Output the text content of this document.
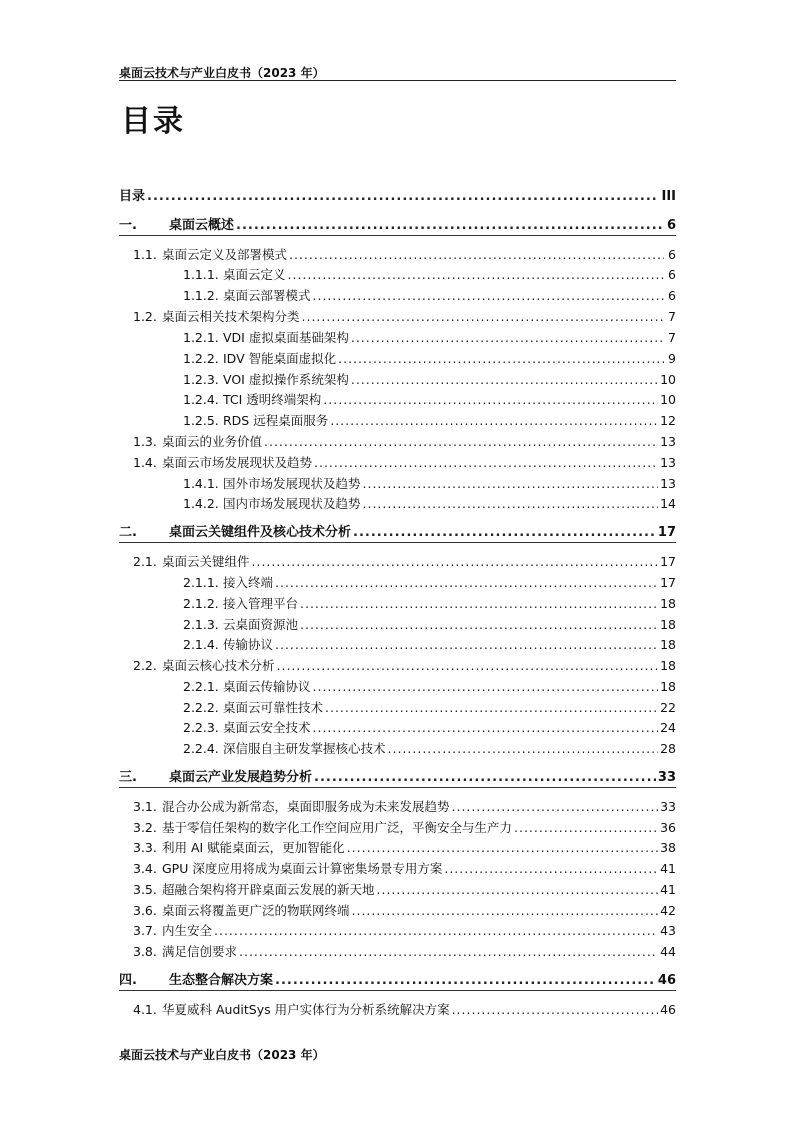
桌面云技术与产业白皮书（2023 年）
目录
目录 .....	III
一.	桌面云概述 .....	6
1.1. 桌面云定义及部署模式 .....	6
1.1.1. 桌面云定义 .....	6
1.1.2. 桌面云部署模式 .....	6
1.2. 桌面云相关技术架构分类 .....	7
1.2.1. VDI 虚拟桌面基础架构 .....	7
1.2.2. IDV 智能桌面虚拟化 .....	9
1.2.3. VOI 虚拟操作系统架构 .....	10
1.2.4. TCI 透明终端架构 .....	10
1.2.5. RDS 远程桌面服务 .....	12
1.3. 桌面云的业务价值 .....	13
1.4. 桌面云市场发展现状及趋势 .....	13
1.4.1. 国外市场发展现状及趋势 .....	13
1.4.2. 国内市场发展现状及趋势 .....	14
二.	桌面云关键组件及核心技术分析 .....	17
2.1. 桌面云关键组件 .....	17
2.1.1. 接入终端 .....	17
2.1.2. 接入管理平台 .....	18
2.1.3. 云桌面资源池 .....	18
2.1.4. 传输协议 .....	18
2.2. 桌面云核心技术分析 .....	18
2.2.1. 桌面云传输协议 .....	18
2.2.2. 桌面云可靠性技术 .....	22
2.2.3. 桌面云安全技术 .....	24
2.2.4. 深信服自主研发掌握核心技术 .....	28
三.	桌面云产业发展趋势分析 .....	33
3.1. 混合办公成为新常态，桌面即服务成为未来发展趋势 .....	33
3.2. 基于零信任架构的数字化工作空间应用广泛，平衡安全与生产力 .....	36
3.3. 利用 AI 赋能桌面云，更加智能化 .....	38
3.4. GPU 深度应用将成为桌面云计算密集场景专用方案 .....	41
3.5. 超融合架构将开辟桌面云发展的新天地 .....	41
3.6. 桌面云将覆盖更广泛的物联网终端 .....	42
3.7. 内生安全 .....	43
3.8. 满足信创要求 .....	44
四.	生态整合解决方案 .....	46
4.1. 华夏威科 AuditSys 用户实体行为分析系统解决方案 .....	46
桌面云技术与产业白皮书（2023 年）
